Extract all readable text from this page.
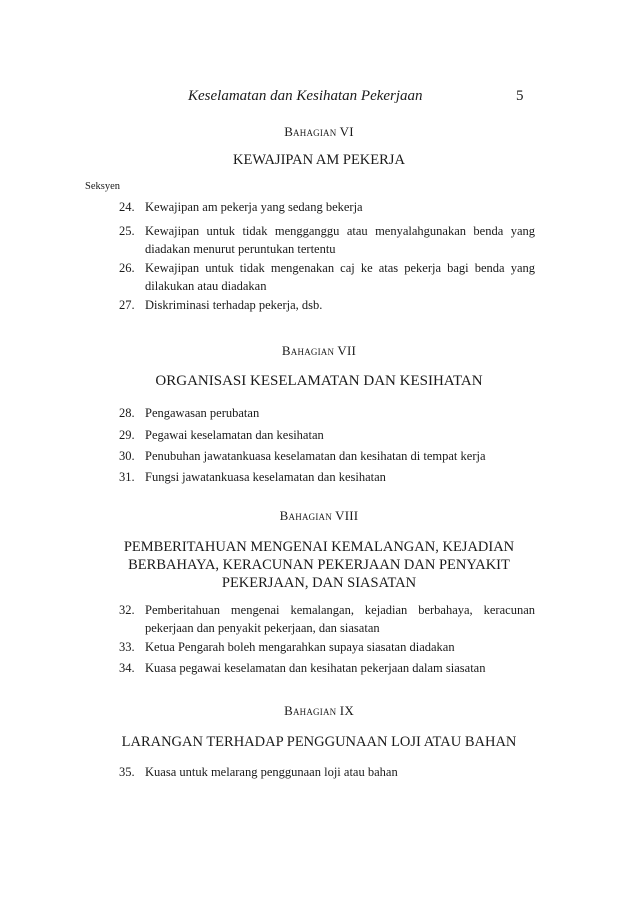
Keselamatan dan Kesihatan Pekerjaan	5
Bahagian VI
KEWAJIPAN AM PEKERJA
Seksyen
24. Kewajipan am pekerja yang sedang bekerja
25. Kewajipan untuk tidak mengganggu atau menyalahgunakan benda yang diadakan menurut peruntukan tertentu
26. Kewajipan untuk tidak mengenakan caj ke atas pekerja bagi benda yang dilakukan atau diadakan
27. Diskriminasi terhadap pekerja, dsb.
Bahagian VII
ORGANISASI KESELAMATAN DAN KESIHATAN
28. Pengawasan perubatan
29. Pegawai keselamatan dan kesihatan
30. Penubuhan jawatankuasa keselamatan dan kesihatan di tempat kerja
31. Fungsi jawatankuasa keselamatan dan kesihatan
Bahagian VIII
PEMBERITAHUAN MENGENAI KEMALANGAN, KEJADIAN
BERBAHAYA, KERACUNAN PEKERJAAN DAN PENYAKIT
PEKERJAAN, DAN SIASATAN
32. Pemberitahuan mengenai kemalangan, kejadian berbahaya, keracunan pekerjaan dan penyakit pekerjaan, dan siasatan
33. Ketua Pengarah boleh mengarahkan supaya siasatan diadakan
34. Kuasa pegawai keselamatan dan kesihatan pekerjaan dalam siasatan
Bahagian IX
LARANGAN TERHADAP PENGGUNAAN LOJI ATAU BAHAN
35. Kuasa untuk melarang penggunaan loji atau bahan
